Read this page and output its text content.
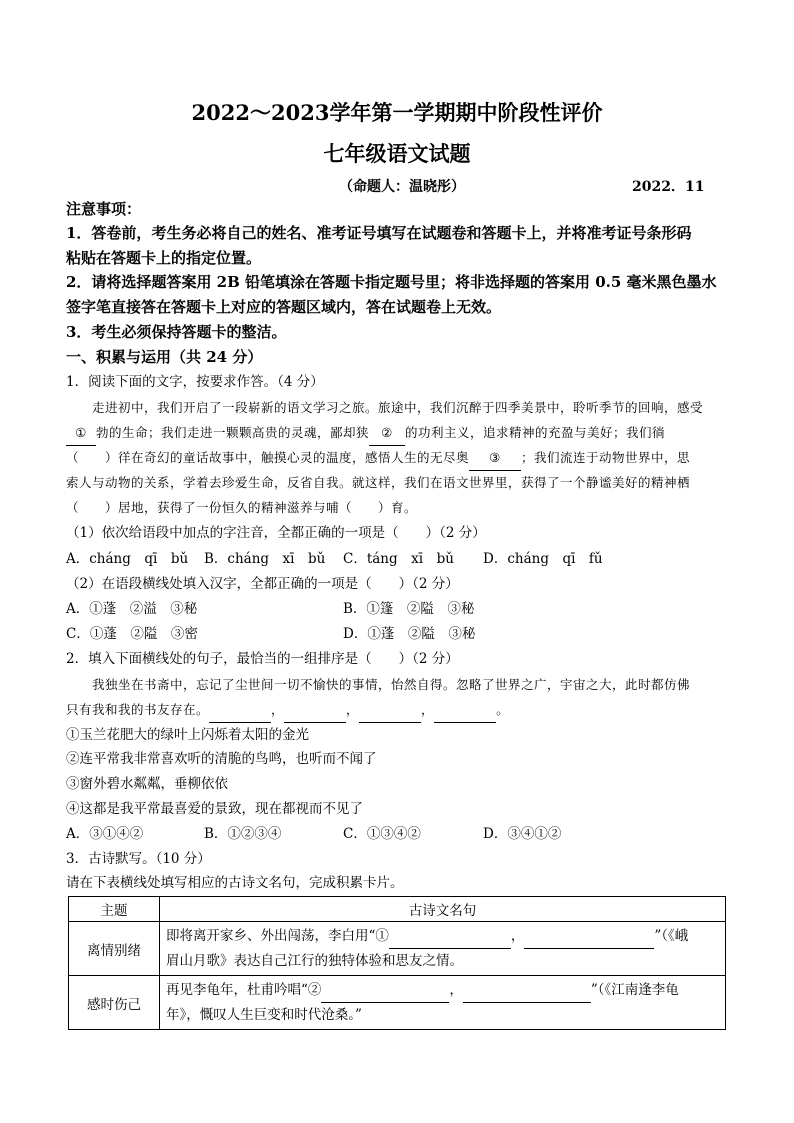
2022～2023学年第一学期期中阶段性评价
七年级语文试题
（命题人：温晓彤）	2022．11
注意事项：
1．答卷前，考生务必将自己的姓名、准考证号填写在试题卷和答题卡上，并将准考证号条形码
粘贴在答题卡上的指定位置。
2．请将选择题答案用 2B 铅笔填涂在答题卡指定题号里；将非选择题的答案用 0.5 毫米黑色墨水
签字笔直接答在答题卡上对应的答题区域内，答在试题卷上无效。
3．考生必须保持答题卡的整洁。
一、积累与运用（共 24 分）
1．阅读下面的文字，按要求作答。（4 分）
走进初中，我们开启了一段崭新的语文学习之旅。旅途中，我们沉醉于四季美景中，聆听季节的回响，感受
① 勃的生命；我们走进一颗颗高贵的灵魂，鄙却狭 ② 的功利主义，追求精神的充盈与美好；我们徜
（ ）徉在奇幻的童话故事中，触摸心灵的温度，感悟人生的无尽奥 ③ ；我们流连于动物世界中，思
索人与动物的关系，学着去珍爱生命，反省自我。就这样，我们在语文世界里，获得了一个静谧美好的精神栖
（　　）居地，获得了一份恒久的精神滋养与哺（　　）育。
（1）依次给语段中加点的字注音，全都正确的一项是（　　）（2 分）
A．cháng　qī　bǔ B．cháng　xī　bǔ C．táng　xī　bǔ D．cháng　qī　fǔ
（2）在语段横线处填入汉字，全都正确的一项是（　　）（2 分）
A．①蓬　②溢　③秘	B．①篷　②隘　③秘
C．①蓬　②隘　③密	D．①蓬　②隘　③秘
2．填入下面横线处的句子，最恰当的一组排序是（　　）（2 分）
我独坐在书斋中，忘记了尘世间一切不愉快的事情，怡然自得。忽略了世界之广，宇宙之大，此时都仿佛
只有我和我的书友存在。	，	，	，	。
①玉兰花肥大的绿叶上闪烁着太阳的金光
②连平常我非常喜欢听的清脆的鸟鸣，也听而不闻了
③窗外碧水粼粼，垂柳依依
④这都是我平常最喜爱的景致，现在都视而不见了
A．③①④②	B．①②③④	C．①③④②	D．③④①②
3．古诗默写。（10 分）
请在下表横线处填写相应的古诗文名句，完成积累卡片。
主题	古诗文名句
离情别绪	即将离开家乡、外出闯荡，李白用“① ， ”（《峨
眉山月歌》表达自己江行的独特体验和思友之情。
感时伤己	再见李龟年，杜甫吟唱“② ， ”（《江南逢李龟
年》，慨叹人生巨变和时代沧桑。”
